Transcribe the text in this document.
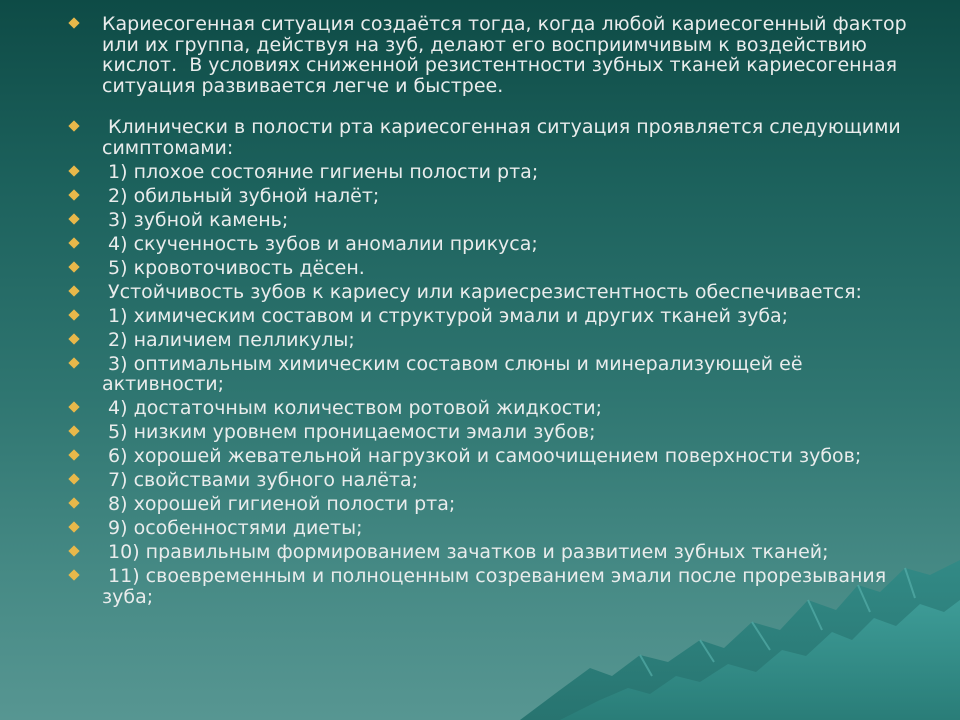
Кариесогенная ситуация создаётся тогда, когда любой кариесогенный фактор или их группа, действуя на зуб, делают его восприимчивым к воздействию кислот.  В условиях сниженной резистентности зубных тканей кариесогенная ситуация развивается легче и быстрее.
Клинически в полости рта кариесогенная ситуация проявляется следующими симптомами:
1) плохое состояние гигиены полости рта;
2) обильный зубной налёт;
3) зубной камень;
4) скученность зубов и аномалии прикуса;
5) кровоточивость дёсен.
Устойчивость зубов к кариесу или кариесрезистентность обеспечивается:
1) химическим составом и структурой эмали и других тканей зуба;
2) наличием пелликулы;
3) оптимальным химическим составом слюны и минерализующей её активности;
4) достаточным количеством ротовой жидкости;
5) низким уровнем проницаемости эмали зубов;
6) хорошей жевательной нагрузкой и самоочищением поверхности зубов;
7) свойствами зубного налёта;
8) хорошей гигиеной полости рта;
9) особенностями диеты;
10) правильным формированием зачатков и развитием зубных тканей;
11) своевременным и полноценным созреванием эмали после прорезывания зуба;
